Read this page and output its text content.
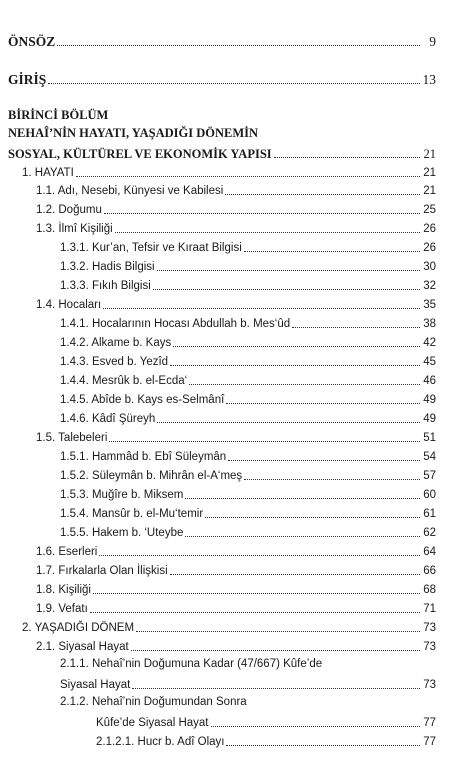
ÖNSÖZ	9
GİRİŞ	13
BİRİNCİ BÖLÜM
NEHAÎ’NİN HAYATI, YAŞADIĞI DÖNEMİN
SOSYAL, KÜLTÜREL VE EKONOMİK YAPISI	21
1. HAYATI	21
1.1. Adı, Nesebi, Künyesi ve Kabilesi	21
1.2. Doğumu	25
1.3. İlmî Kişiliği	26
1.3.1. Kur’an, Tefsir ve Kıraat Bilgisi	26
1.3.2. Hadis Bilgisi	30
1.3.3. Fıkıh Bilgisi	32
1.4. Hocaları	35
1.4.1. Hocalarının Hocası Abdullah b. Mes‘ûd	38
1.4.2. Alkame b. Kays	42
1.4.3. Esved b. Yezîd	45
1.4.4. Mesrûk b. el-Ecda‘	46
1.4.5. Abîde b. Kays es-Selmânî	49
1.4.6. Kâdî Şüreyh	49
1.5. Talebeleri	51
1.5.1. Hammâd b. Ebî Süleymân	54
1.5.2. Süleymân b. Mihrân el-A‘meş	57
1.5.3. Muğîre b. Miksem	60
1.5.4. Mansûr b. el-Mu‘temir	61
1.5.5. Hakem b. ‘Uteybe	62
1.6. Eserleri	64
1.7. Fırkalarla Olan İlişkisi	66
1.8. Kişiliği	68
1.9. Vefatı	71
2. YAŞADIĞI DÖNEM	73
2.1. Siyasal Hayat	73
2.1.1. Nehaî’nin Doğumuna Kadar (47/667) Kûfe’de
Siyasal Hayat	73
2.1.2. Nehaî’nin Doğumundan Sonra
Kûfe’de Siyasal Hayat	77
2.1.2.1. Hucr b. Adî Olayı	77
